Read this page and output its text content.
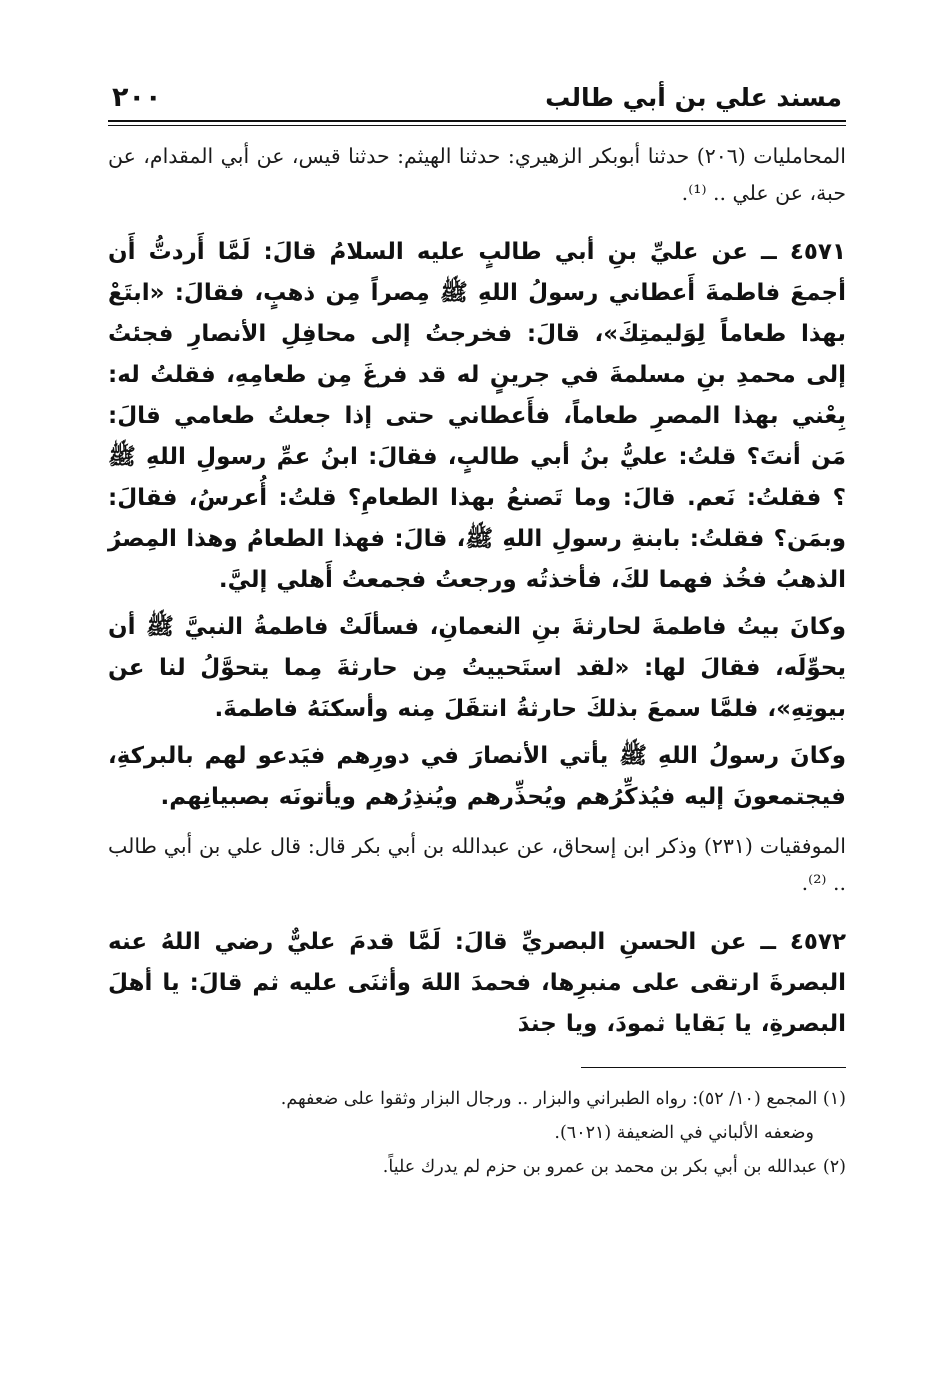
مسند علي بن أبي طالب
٢٠٠

المحامليات (٢٠٦) حدثنا أبوبكر الزهيري: حدثنا الهيثم: حدثنا قيس، عن أبي المقدام، عن حبة، عن علي .. ⁽¹⁾.

٤٥٧١ ــ عن عليِّ بنِ أبي طالبٍ عليه السلامُ قالَ: لَمَّا أَردتُّ أَن أجمعَ فاطمةَ أَعطاني رسولُ اللهِ ﷺ مِصراً مِن ذهبٍ، فقالَ: «ابتَعْ بهذا طعاماً لِوَليمتِكَ»، قالَ: فخرجتُ إلى محافِلِ الأنصارِ فجئتُ إلى محمدِ بنِ مسلمةَ في جرينٍ له قد فرغَ مِن طعامِهِ، فقلتُ له: بِعْني بهذا المصرِ طعاماً، فأَعطاني حتى إذا جعلتُ طعامي قالَ: مَن أنتَ؟ قلتُ: عليُّ بنُ أبي طالبٍ، فقالَ: ابنُ عمِّ رسولِ اللهِ ﷺ ؟ فقلتُ: نَعم. قالَ: وما تَصنعُ بهذا الطعامِ؟ قلتُ: أُعرسُ، فقالَ: وبمَن؟ فقلتُ: بابنةِ رسولِ اللهِ ﷺ، قالَ: فهذا الطعامُ وهذا المِصرُ الذهبُ فخُذ فهما لكَ، فأخذتُه ورجعتُ فجمعتُ أَهلي إليَّ.

وكانَ بيتُ فاطمةَ لحارثةَ بنِ النعمانِ، فسألَتْ فاطمةُ النبيَّ ﷺ أن يحوِّلَه، فقالَ لها: «لقد استَحييتُ مِن حارثةَ مِما يتحوَّلُ لنا عن بيوتِهِ»، فلمَّا سمعَ بذلكَ حارثةُ انتقَلَ مِنه وأسكنَهُ فاطمةَ.

وكانَ رسولُ اللهِ ﷺ يأتي الأنصارَ في دورِهم فيَدعو لهم بالبركةِ، فيجتمعونَ إليه فيُذكِّرُهم ويُحذِّرهم ويُنذِرُهم ويأتونَه بصبيانِهم.

الموفقيات (٢٣١) وذكر ابن إسحاق، عن عبدالله بن أبي بكر قال: قال علي بن أبي طالب .. ⁽²⁾.

٤٥٧٢ ــ عن الحسنِ البصريِّ قالَ: لَمَّا قدمَ عليٌّ رضي اللهُ عنه البصرةَ ارتقى على منبرِها، فحمدَ اللهَ وأثنَى عليه ثم قالَ: يا أهلَ البصرةِ، يا بَقايا ثمودَ، ويا جندَ

(١) المجمع (١٠/ ٥٢): رواه الطبراني والبزار .. ورجال البزار وثقوا على ضعفهم.

وضعفه الألباني في الضعيفة (٦٠٢١).

(٢) عبدالله بن أبي بكر بن محمد بن عمرو بن حزم لم يدرك علياً.
